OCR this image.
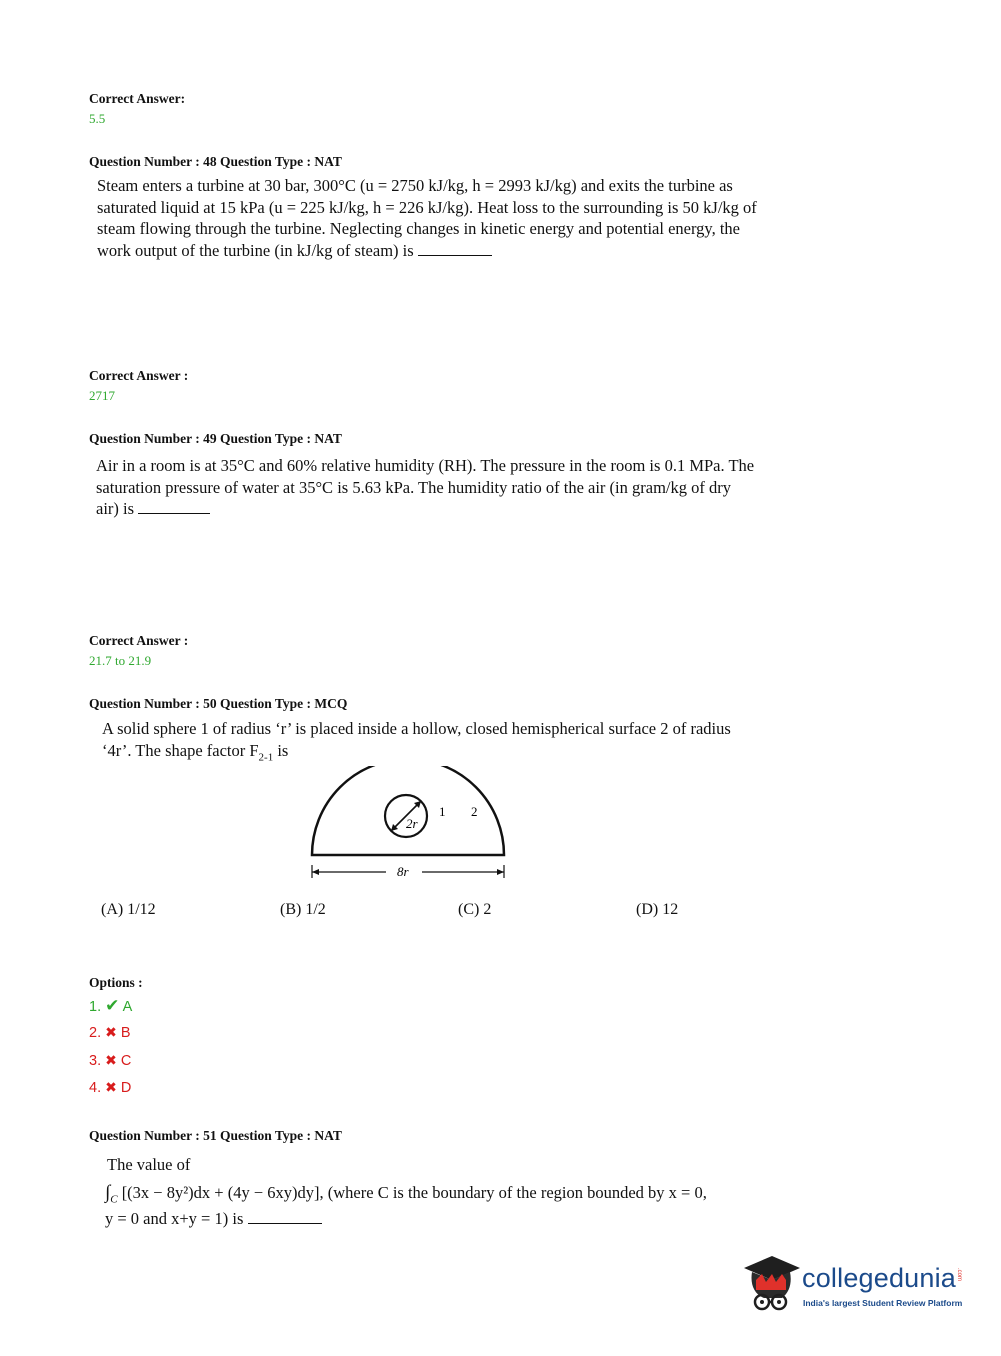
Correct Answer:
5.5
Question Number : 48 Question Type : NAT
Steam enters a turbine at 30 bar, 300°C (u = 2750 kJ/kg, h = 2993 kJ/kg) and exits the turbine as
saturated liquid at 15 kPa (u = 225 kJ/kg, h = 226 kJ/kg). Heat loss to the surrounding is 50 kJ/kg of
steam flowing through the turbine. Neglecting changes in kinetic energy and potential energy, the
work output of the turbine (in kJ/kg of steam) is
Correct Answer :
2717
Question Number : 49 Question Type : NAT
Air in a room is at 35°C and 60% relative humidity (RH). The pressure in the room is 0.1 MPa. The
saturation pressure of water at 35°C is 5.63 kPa. The humidity ratio of the air (in gram/kg of dry
air) is
Correct Answer :
21.7 to 21.9
Question Number : 50 Question Type : MCQ
A solid sphere 1 of radius ‘r’ is placed inside a hollow, closed hemispherical surface 2 of radius
‘4r’. The shape factor $F_{2-1}$ is
2r
1 2
8r
(A) 1/12	(B) 1/2	(C) 2	(D) 12
Options :
1. ✔ A
2. ✖ B
3. ✖ C
4. ✖ D
Question Number : 51 Question Type : NAT
The value of
$\int_C$ [(3x − 8y²)dx + (4y − 6xy)dy], (where C is the boundary of the region bounded by x = 0,
y = 0 and x+y = 1) is
collegedunia .com
India's largest Student Review Platform
